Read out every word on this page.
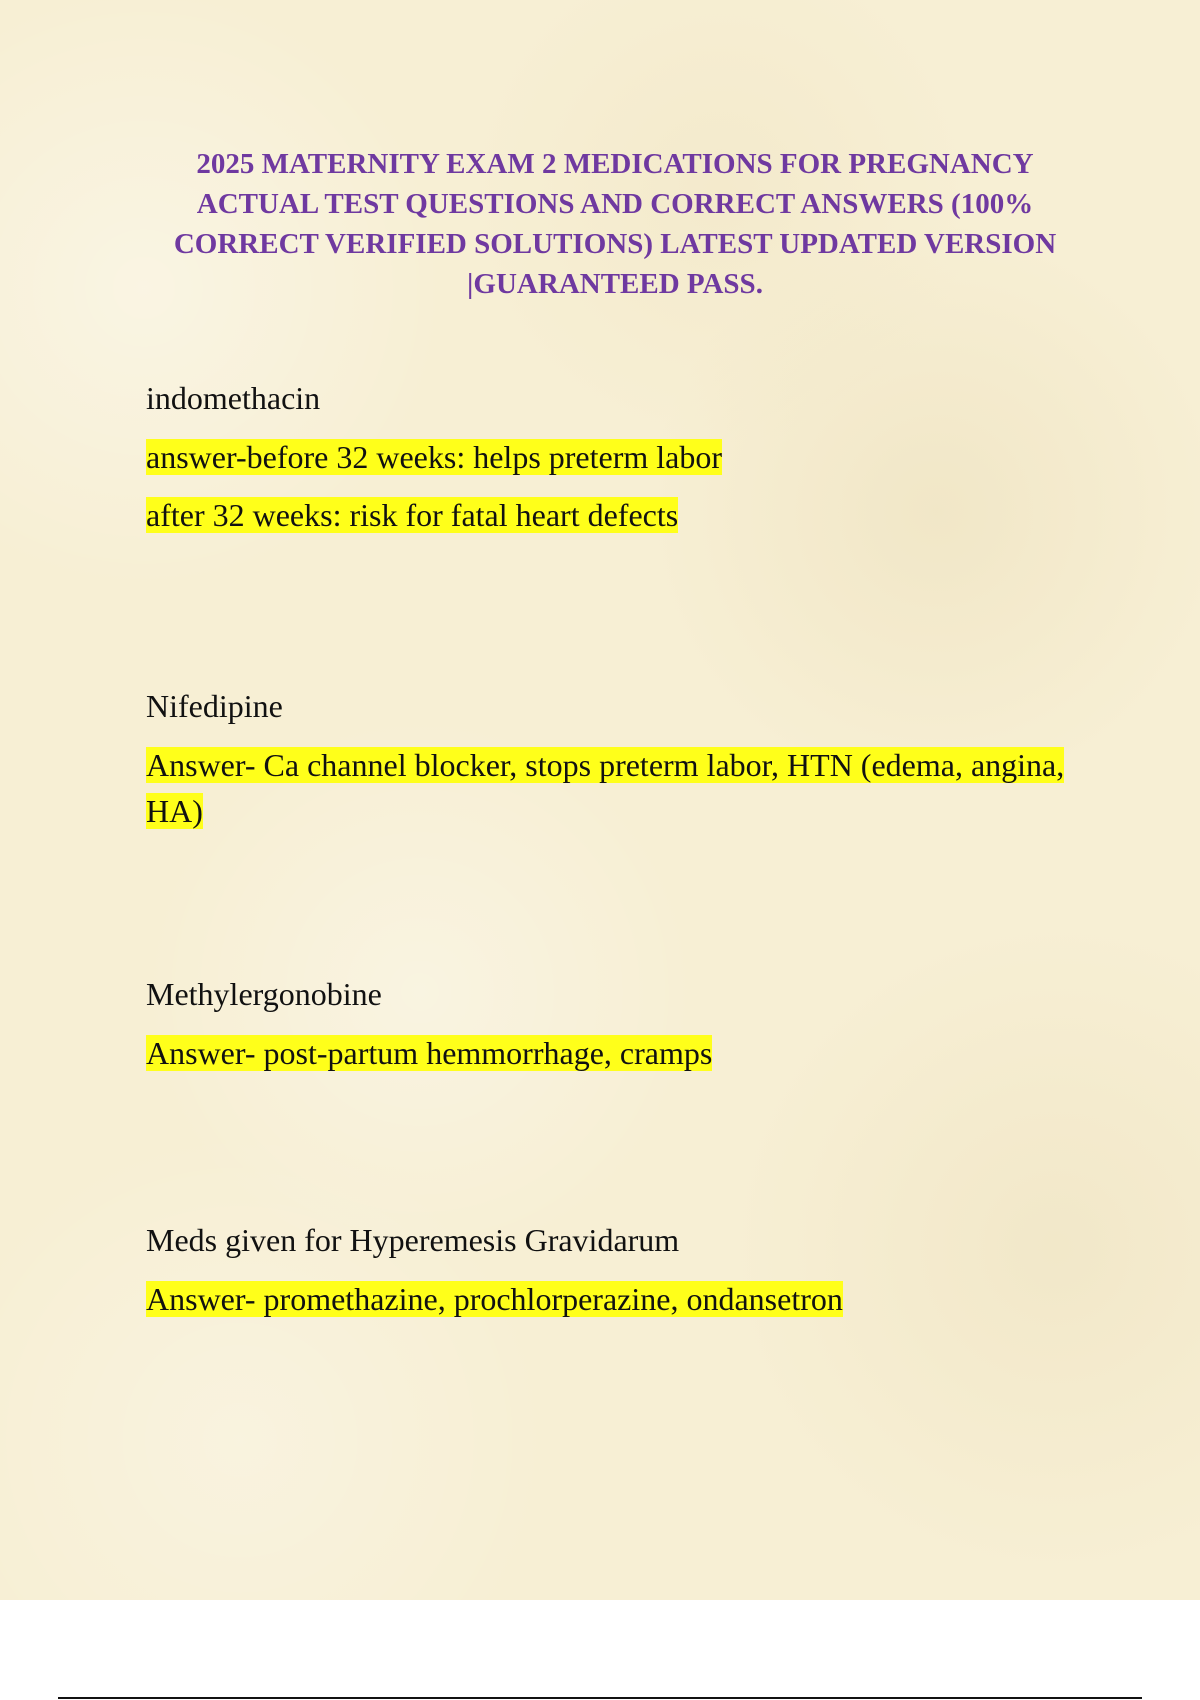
2025 MATERNITY EXAM 2 MEDICATIONS FOR PREGNANCY ACTUAL TEST QUESTIONS AND CORRECT ANSWERS (100% CORRECT VERIFIED SOLUTIONS) LATEST UPDATED VERSION |GUARANTEED PASS.

indomethacin

answer-before 32 weeks: helps preterm labor

after 32 weeks: risk for fatal heart defects

Nifedipine

Answer- Ca channel blocker, stops preterm labor, HTN (edema, angina, HA)

Methylergonobine

Answer- post-partum hemmorrhage, cramps

Meds given for Hyperemesis Gravidarum

Answer- promethazine, prochlorperazine, ondansetron
